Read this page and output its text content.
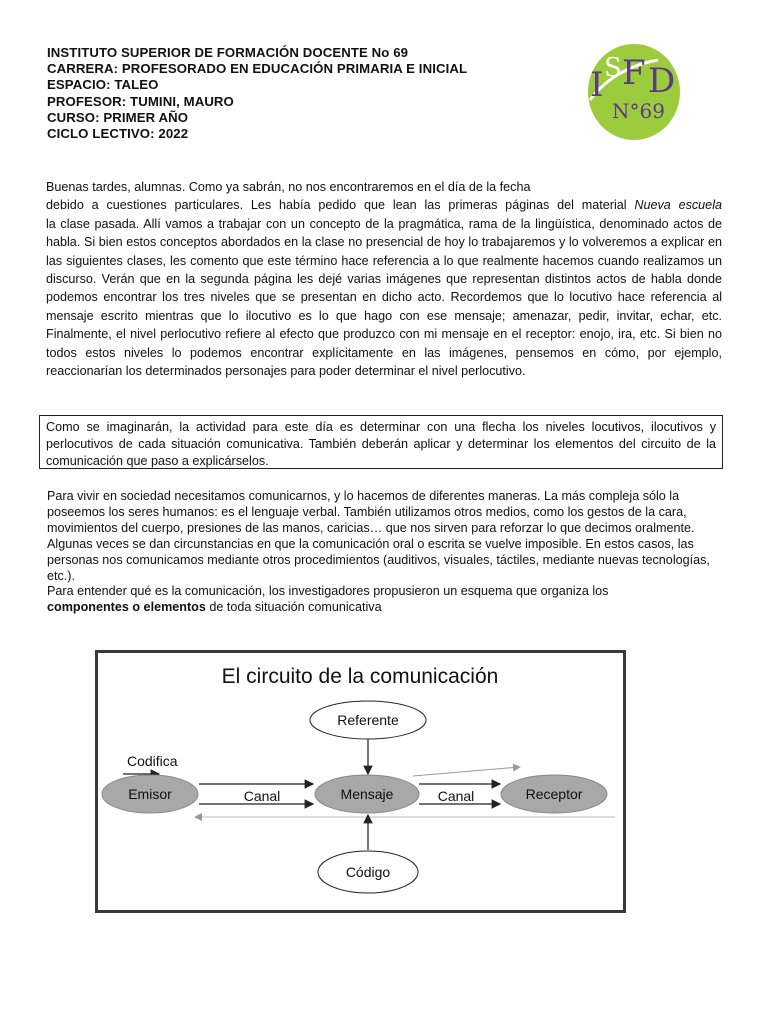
INSTITUTO SUPERIOR DE FORMACIÓN DOCENTE No 69
CARRERA: PROFESORADO EN EDUCACIÓN PRIMARIA E INICIAL
ESPACIO: TALEO
PROFESOR: TUMINI, MAURO
CURSO: PRIMER AÑO
CICLO LECTIVO: 2022
I S F D
N°69

Buenas tardes, alumnas. Como ya sabrán, no nos encontraremos en el día de la fecha

debido a cuestiones particulares. Les había pedido que lean las primeras páginas del material Nueva escuela

la clase pasada. Allí vamos a trabajar con un concepto de la pragmática, rama de la lingüística, denominado actos de habla. Si bien estos conceptos abordados en la clase no presencial de hoy lo trabajaremos y lo volveremos a explicar en las siguientes clases, les comento que este término hace referencia a lo que realmente hacemos cuando realizamos un discurso. Verán que en la segunda página les dejé varias imágenes que representan distintos actos de habla donde podemos encontrar los tres niveles que se presentan en dicho acto. Recordemos que lo locutivo hace referencia al mensaje escrito mientras que lo ilocutivo es lo que hago con ese mensaje; amenazar, pedir, invitar, echar, etc. Finalmente, el nivel perlocutivo refiere al efecto que produzco con mi mensaje en el receptor: enojo, ira, etc. Si bien no todos estos niveles lo podemos encontrar explícitamente en las imágenes, pensemos en cómo, por ejemplo, reaccionarían los determinados personajes para poder determinar el nivel perlocutivo.

Como se imaginarán, la actividad para este día es determinar con una flecha los niveles locutivos, ilocutivos y perlocutivos de cada situación comunicativa. También deberán aplicar y determinar los elementos del circuito de la comunicación que paso a explicárselos.

Para vivir en sociedad necesitamos comunicarnos, y lo hacemos de diferentes maneras. La más compleja sólo la poseemos los seres humanos: es el lenguaje verbal. También utilizamos otros medios, como los gestos de la cara, movimientos del cuerpo, presiones de las manos, caricias… que nos sirven para reforzar lo que decimos oralmente.

Algunas veces se dan circunstancias en que la comunicación oral o escrita se vuelve imposible. En estos casos, las personas nos comunicamos mediante otros procedimientos (auditivos, visuales, táctiles, mediante nuevas tecnologías, etc.).

Para entender qué es la comunicación, los investigadores propusieron un esquema que organiza los
componentes o elementos de toda situación comunicativa

El circuito de la comunicación
Referente
Codifica
Emisor	Canal	Mensaje	Canal	Receptor
Código
